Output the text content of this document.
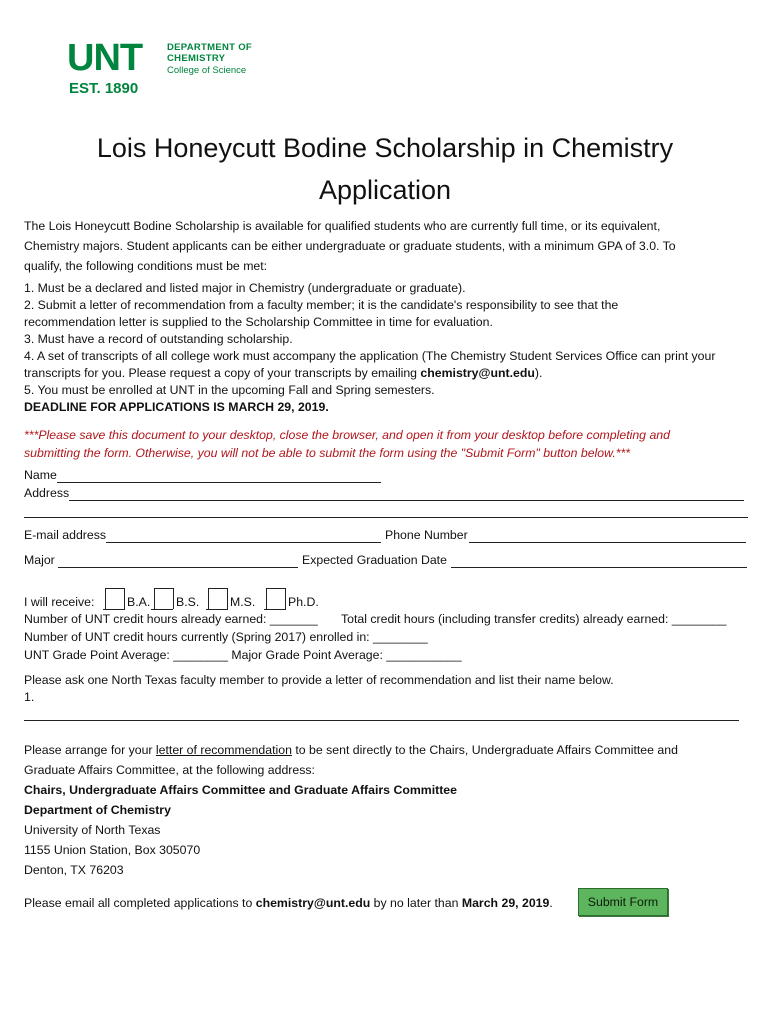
UNT
EST. 1890
DEPARTMENT OF
CHEMISTRY
College of Science
Lois Honeycutt Bodine Scholarship in Chemistry
Application
The Lois Honeycutt Bodine Scholarship is available for qualified students who are currently full time, or its equivalent,
Chemistry majors. Student applicants can be either undergraduate or graduate students, with a minimum GPA of 3.0. To
qualify, the following conditions must be met:
1. Must be a declared and listed major in Chemistry (undergraduate or graduate).
2. Submit a letter of recommendation from a faculty member; it is the candidate's responsibility to see that the
recommendation letter is supplied to the Scholarship Committee in time for evaluation.
3. Must have a record of outstanding scholarship.
4. A set of transcripts of all college work must accompany the application (The Chemistry Student Services Office can print your
transcripts for you. Please request a copy of your transcripts by emailing chemistry@unt.edu).
5. You must be enrolled at UNT in the upcoming Fall and Spring semesters.
DEADLINE FOR APPLICATIONS IS MARCH 29, 2019.
***Please save this document to your desktop, close the browser, and open it from your desktop before completing and
submitting the form. Otherwise, you will not be able to submit the form using the "Submit Form" button below.***
Name
Address
E-mail address	Phone Number
Major	Expected Graduation Date
I will receive:	B.A. B.S.	M.S.	Ph.D.
Number of UNT credit hours already earned: _______ Total credit hours (including transfer credits) already earned: ________
Number of UNT credit hours currently (Spring 2017) enrolled in: ________
UNT Grade Point Average: ________ Major Grade Point Average: ___________
Please ask one North Texas faculty member to provide a letter of recommendation and list their name below.
1.
Please arrange for your letter of recommendation to be sent directly to the Chairs, Undergraduate Affairs Committee and
Graduate Affairs Committee, at the following address:
Chairs, Undergraduate Affairs Committee and Graduate Affairs Committee
Department of Chemistry
University of North Texas
1155 Union Station, Box 305070
Denton, TX 76203
Please email all completed applications to chemistry@unt.edu by no later than March 29, 2019.	Submit Form
